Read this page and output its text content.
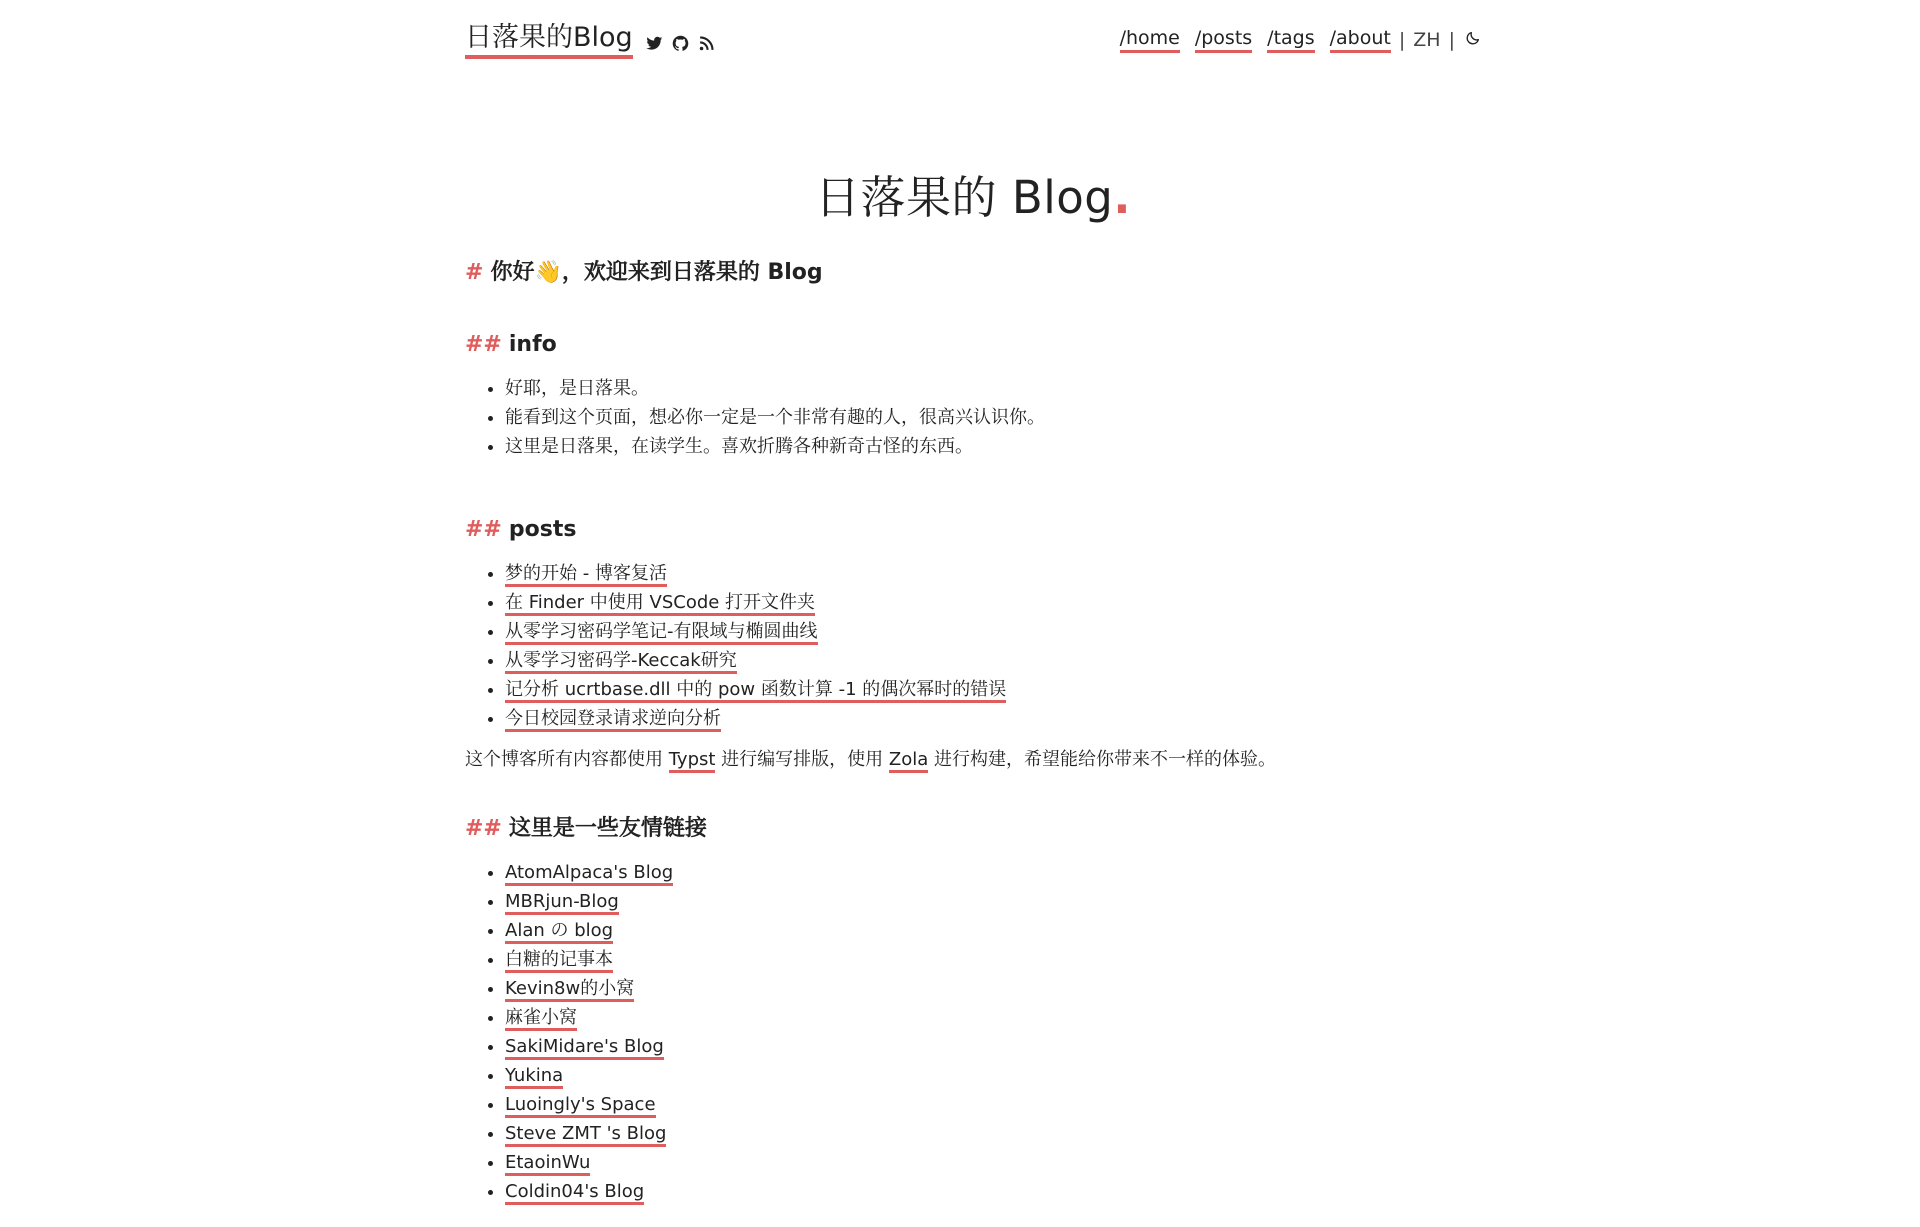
日落果的Blog	/home /posts /tags /about | ZH |
日落果的 Blog.
# 你好👋，欢迎来到日落果的 Blog
## info
• 好耶，是日落果。
• 能看到这个页面，想必你一定是一个非常有趣的人，很高兴认识你。
• 这里是日落果，在读学生。喜欢折腾各种新奇古怪的东西。
## posts
• 梦的开始 - 博客复活
• 在 Finder 中使用 VSCode 打开文件夹
• 从零学习密码学笔记-有限域与椭圆曲线
• 从零学习密码学-Keccak研究
• 记分析 ucrtbase.dll 中的 pow 函数计算 -1 的偶次幂时的错误
• 今日校园登录请求逆向分析

这个博客所有内容都使用 Typst 进行编写排版，使用 Zola 进行构建，希望能给你带来不一样的体验。

## 这里是一些友情链接
• AtomAlpaca's Blog
• MBRjun-Blog
• Alan の blog
• 白糖的记事本
• Kevin8w的小窝
• 麻雀小窝
• SakiMidare's Blog
• Yukina
• Luoingly's Space
• Steve ZMT 's Blog
• EtaoinWu
• Coldin04's Blog
